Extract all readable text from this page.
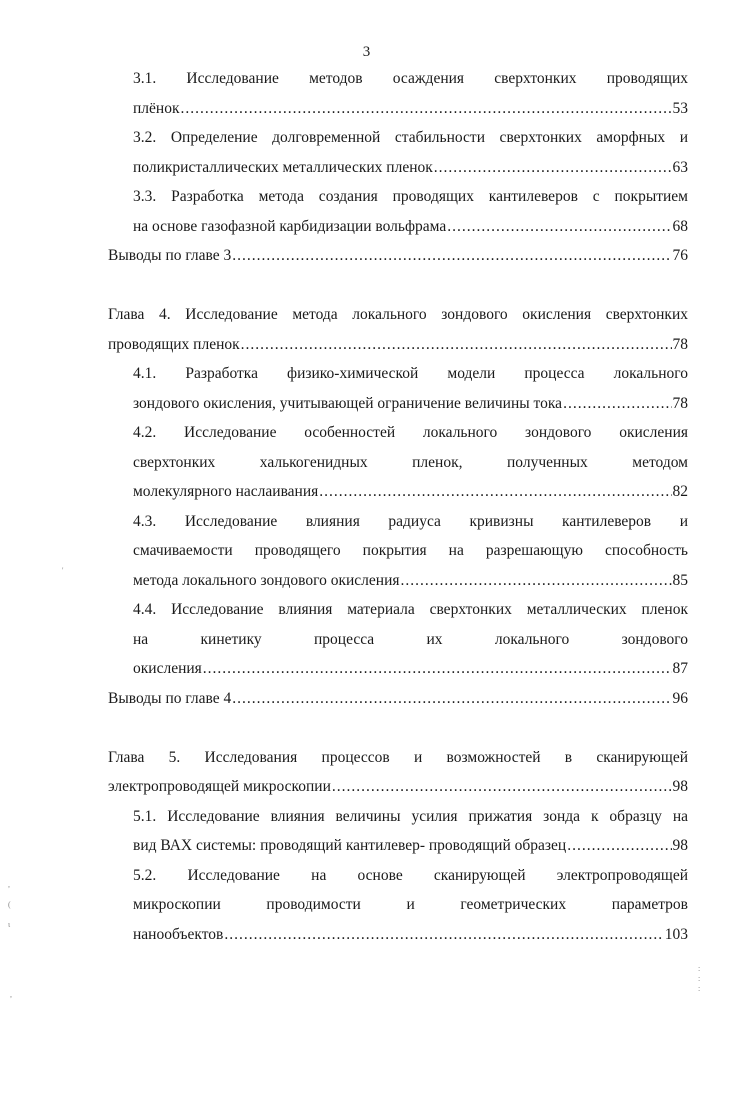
3
3.1. Исследование методов осаждения сверхтонких проводящих
плёнок .....	53
3.2. Определение долговременной стабильности сверхтонких аморфных и
поликристаллических металлических пленок .....	63
3.3. Разработка метода создания проводящих кантилеверов с покрытием
на основе газофазной карбидизации вольфрама .....	68
Выводы по главе 3 .....	76
Глава 4. Исследование метода локального зондового окисления сверхтонких
проводящих пленок .....	78
4.1. Разработка физико-химической модели процесса локального
зондового окисления, учитывающей ограничение величины тока .....	78
4.2. Исследование особенностей локального зондового окисления
сверхтонких халькогенидных пленок, полученных методом
молекулярного наслаивания .....	82
4.3. Исследование влияния радиуса кривизны кантилеверов и
смачиваемости проводящего покрытия на разрешающую способность
метода локального зондового окисления .....	85
4.4. Исследование влияния материала сверхтонких металлических пленок
на кинетику процесса их локального зондового
окисления .....	87
Выводы по главе 4 .....	96
Глава 5. Исследования процессов и возможностей в сканирующей
электропроводящей микроскопии .....	98
5.1. Исследование влияния величины усилия прижатия зонда к образцу на
вид ВАХ системы: проводящий кантилевер- проводящий образец .....	98
5.2. Исследование на основе сканирующей электропроводящей
микроскопии проводимости и геометрических параметров
нанообъектов .....	103
'
,

(

ι
,
:
:
:
